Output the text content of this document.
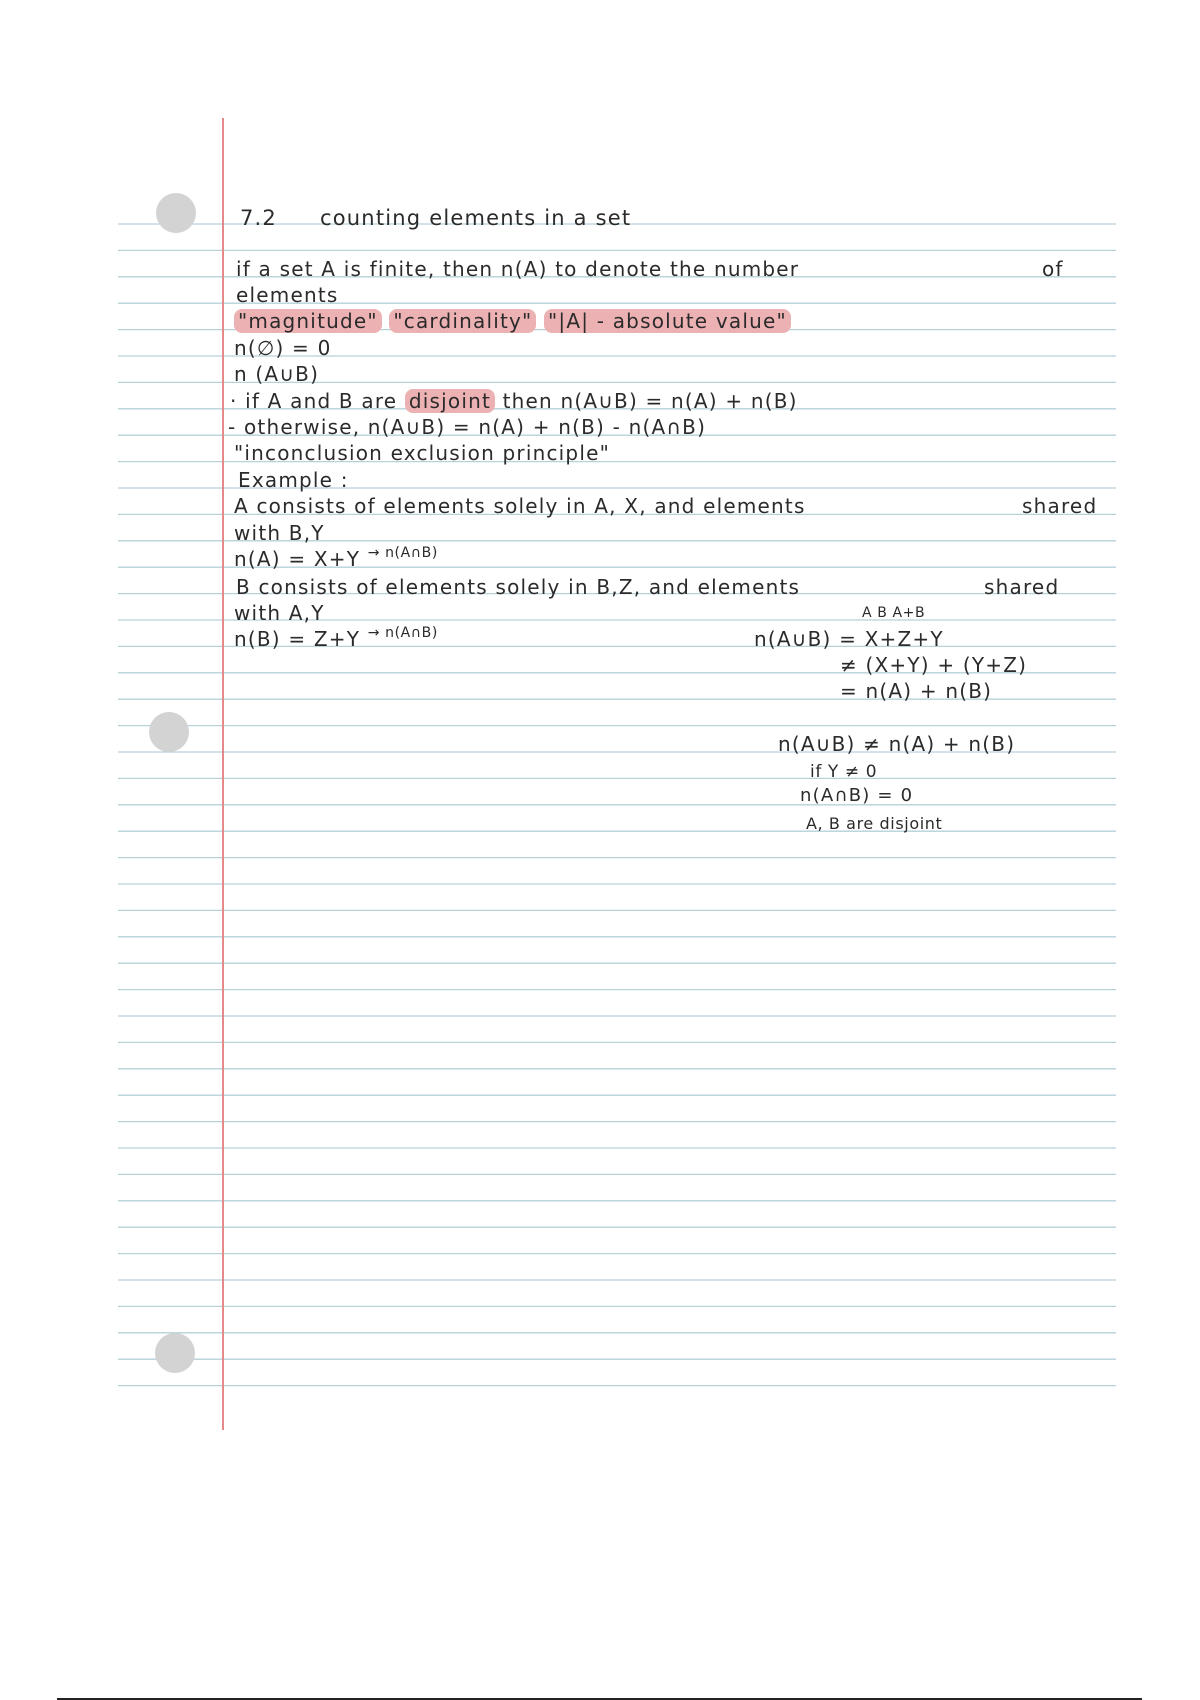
7.2 counting elements in a set
if a set A is finite, then n(A) to denote the number	of
elements
"magnitude" "cardinality" "|A| - absolute value"
n(∅) = 0
n (A∪B)
· if A and B are disjoint then n(A∪B) = n(A) + n(B)
- otherwise, n(A∪B) = n(A) + n(B) - n(A∩B)
"inconclusion exclusion principle"
Example :
A consists of elements solely in A, X, and elements	shared
with B,Y
n(A) = X+Y $^{\to n(A\cap B)}$
B consists of elements solely in B,Z, and elements	shared
with A,Y
n(B) = Z+Y $^{\to n(A\cap B)}$
A B A+B
n(A∪B) = X+Z+Y
≠ (X+Y) + (Y+Z)
= n(A) + n(B)
n(A∪B) ≠ n(A) + n(B)
if Y ≠ 0
n(A∩B) = 0
A, B are disjoint
